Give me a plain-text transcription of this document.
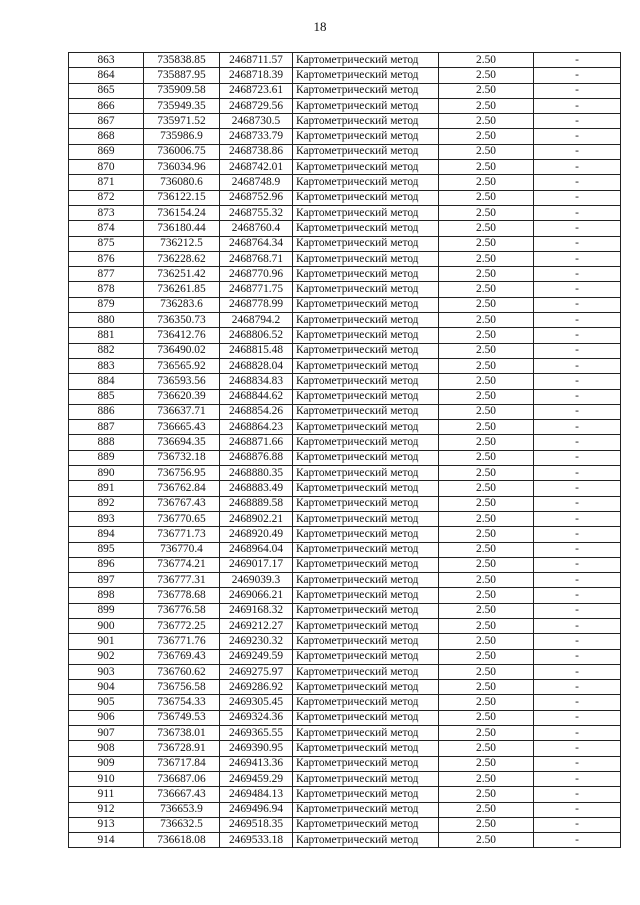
18
863	735838.85	2468711.57	Картометрический метод	2.50	-
864	735887.95	2468718.39	Картометрический метод	2.50	-
865	735909.58	2468723.61	Картометрический метод	2.50	-
866	735949.35	2468729.56	Картометрический метод	2.50	-
867	735971.52	2468730.5	Картометрический метод	2.50	-
868	735986.9	2468733.79	Картометрический метод	2.50	-
869	736006.75	2468738.86	Картометрический метод	2.50	-
870	736034.96	2468742.01	Картометрический метод	2.50	-
871	736080.6	2468748.9	Картометрический метод	2.50	-
872	736122.15	2468752.96	Картометрический метод	2.50	-
873	736154.24	2468755.32	Картометрический метод	2.50	-
874	736180.44	2468760.4	Картометрический метод	2.50	-
875	736212.5	2468764.34	Картометрический метод	2.50	-
876	736228.62	2468768.71	Картометрический метод	2.50	-
877	736251.42	2468770.96	Картометрический метод	2.50	-
878	736261.85	2468771.75	Картометрический метод	2.50	-
879	736283.6	2468778.99	Картометрический метод	2.50	-
880	736350.73	2468794.2	Картометрический метод	2.50	-
881	736412.76	2468806.52	Картометрический метод	2.50	-
882	736490.02	2468815.48	Картометрический метод	2.50	-
883	736565.92	2468828.04	Картометрический метод	2.50	-
884	736593.56	2468834.83	Картометрический метод	2.50	-
885	736620.39	2468844.62	Картометрический метод	2.50	-
886	736637.71	2468854.26	Картометрический метод	2.50	-
887	736665.43	2468864.23	Картометрический метод	2.50	-
888	736694.35	2468871.66	Картометрический метод	2.50	-
889	736732.18	2468876.88	Картометрический метод	2.50	-
890	736756.95	2468880.35	Картометрический метод	2.50	-
891	736762.84	2468883.49	Картометрический метод	2.50	-
892	736767.43	2468889.58	Картометрический метод	2.50	-
893	736770.65	2468902.21	Картометрический метод	2.50	-
894	736771.73	2468920.49	Картометрический метод	2.50	-
895	736770.4	2468964.04	Картометрический метод	2.50	-
896	736774.21	2469017.17	Картометрический метод	2.50	-
897	736777.31	2469039.3	Картометрический метод	2.50	-
898	736778.68	2469066.21	Картометрический метод	2.50	-
899	736776.58	2469168.32	Картометрический метод	2.50	-
900	736772.25	2469212.27	Картометрический метод	2.50	-
901	736771.76	2469230.32	Картометрический метод	2.50	-
902	736769.43	2469249.59	Картометрический метод	2.50	-
903	736760.62	2469275.97	Картометрический метод	2.50	-
904	736756.58	2469286.92	Картометрический метод	2.50	-
905	736754.33	2469305.45	Картометрический метод	2.50	-
906	736749.53	2469324.36	Картометрический метод	2.50	-
907	736738.01	2469365.55	Картометрический метод	2.50	-
908	736728.91	2469390.95	Картометрический метод	2.50	-
909	736717.84	2469413.36	Картометрический метод	2.50	-
910	736687.06	2469459.29	Картометрический метод	2.50	-
911	736667.43	2469484.13	Картометрический метод	2.50	-
912	736653.9	2469496.94	Картометрический метод	2.50	-
913	736632.5	2469518.35	Картометрический метод	2.50	-
914	736618.08	2469533.18	Картометрический метод	2.50	-
